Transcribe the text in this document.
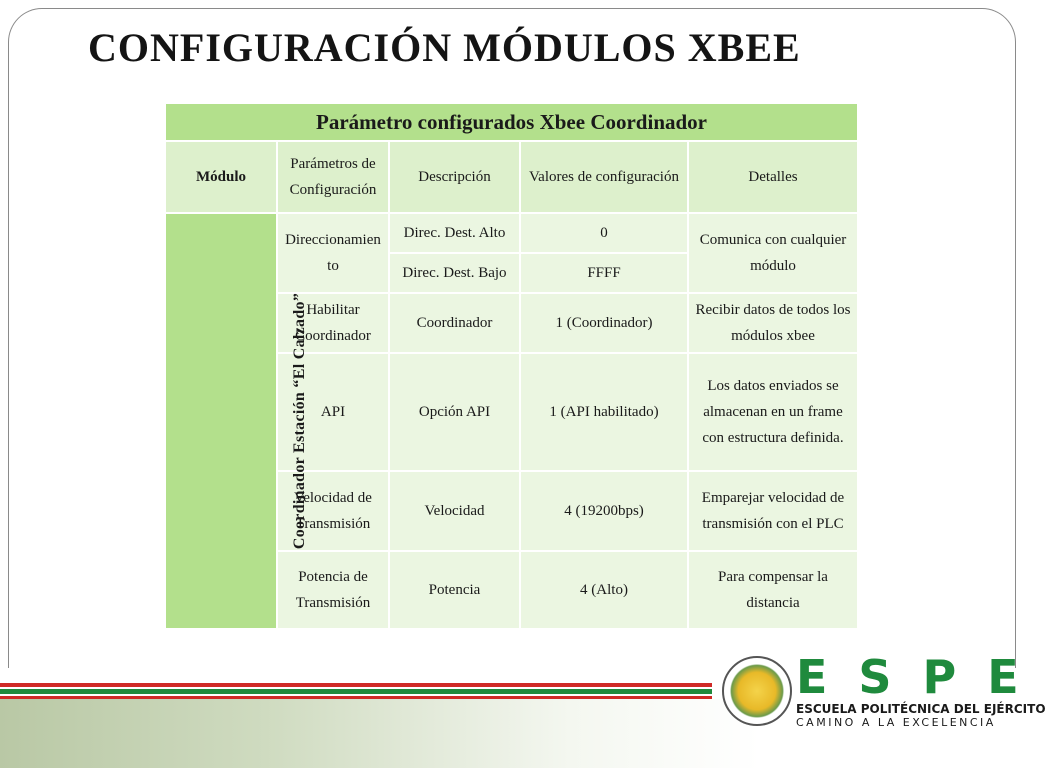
CONFIGURACIÓN MÓDULOS XBEE
Parámetro configurados Xbee Coordinador				
Módulo	Parámetros de Configuración	Descripción	Valores de configuración	Detalles
Coordinador Estación “El Calzado”	Direccionamiento	Direc. Dest. Alto	0	Comunica con cualquier módulo
		Direc. Dest. Bajo	FFFF	
	Habilitar Coordinador	Coordinador	1 (Coordinador)	Recibir datos de todos los módulos xbee
	API	Opción API	1 (API habilitado)	Los datos enviados se almacenan en un frame con estructura definida.
	Velocidad de Transmisión	Velocidad	4 (19200bps)	Emparejar velocidad de transmisión con el PLC
	Potencia de Transmisión	Potencia	4 (Alto)	Para compensar la distancia
ESPE
ESCUELA POLITÉCNICA DEL EJÉRCITO
CAMINO A LA EXCELENCIA
